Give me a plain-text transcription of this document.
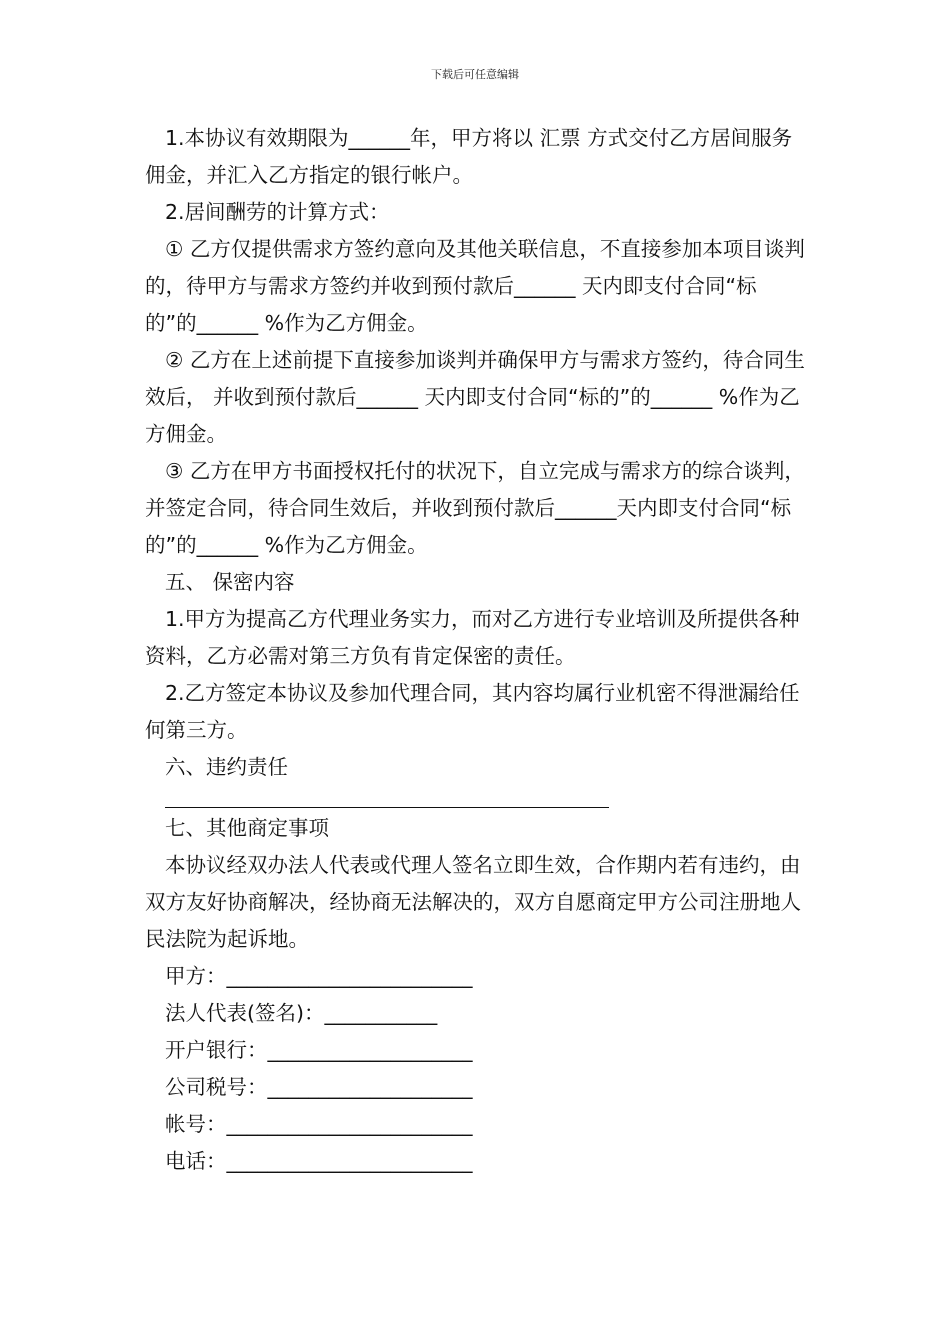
下载后可任意编辑

1.本协议有效期限为______年，甲方将以 汇票 方式交付乙方居间服务佣金，并汇入乙方指定的银行帐户。

2.居间酬劳的计算方式：

① 乙方仅提供需求方签约意向及其他关联信息，不直接参加本项目谈判的，待甲方与需求方签约并收到预付款后______ 天内即支付合同“标的”的______ %作为乙方佣金。

② 乙方在上述前提下直接参加谈判并确保甲方与需求方签约，待合同生效后， 并收到预付款后______ 天内即支付合同“标的”的______ %作为乙方佣金。

③ 乙方在甲方书面授权托付的状况下，自立完成与需求方的综合谈判，并签定合同，待合同生效后，并收到预付款后______天内即支付合同“标的”的______ %作为乙方佣金。

五、 保密内容

1.甲方为提高乙方代理业务实力，而对乙方进行专业培训及所提供各种资料，乙方必需对第三方负有肯定保密的责任。

2.乙方签定本协议及参加代理合同，其内容均属行业机密不得泄漏给任何第三方。

六、违约责任

七、其他商定事项

本协议经双办法人代表或代理人签名立即生效，合作期内若有违约，由双方友好协商解决，经协商无法解决的，双方自愿商定甲方公司注册地人民法院为起诉地。

甲方：________________________

法人代表(签名)：___________

开户银行：____________________

公司税号：____________________

帐号：________________________

电话：________________________
